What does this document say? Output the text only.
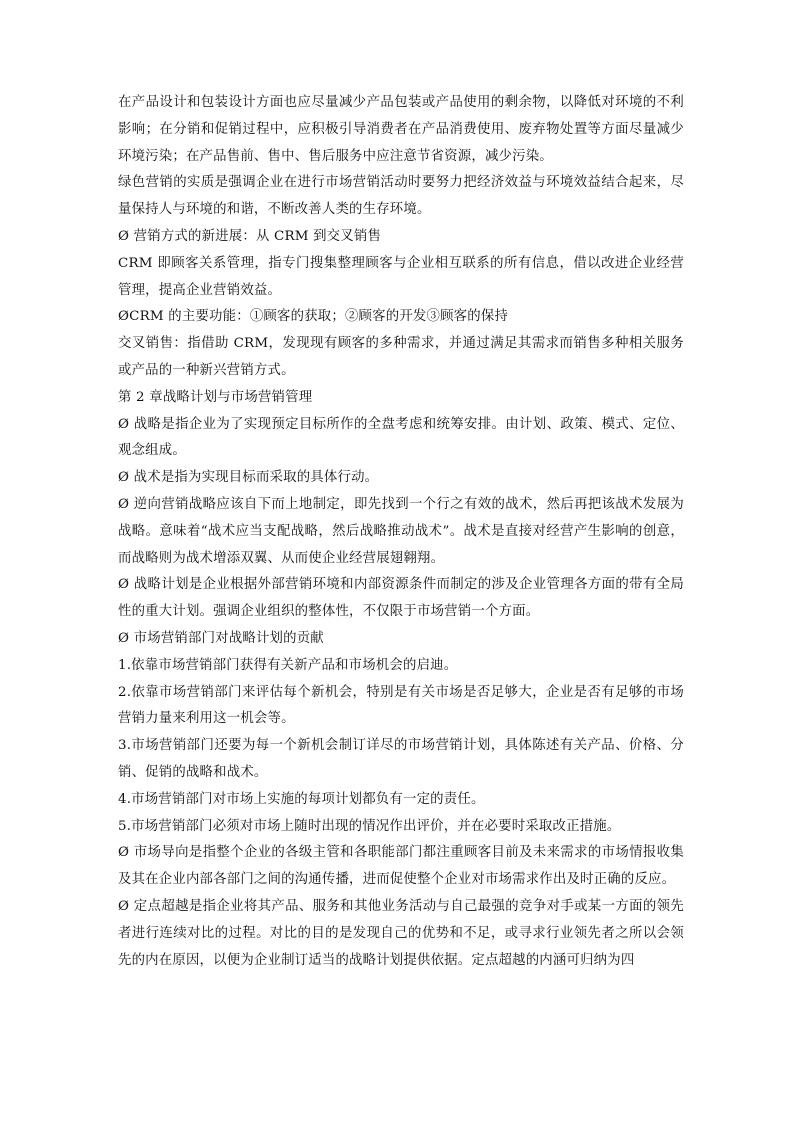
在产品设计和包装设计方面也应尽量减少产品包装或产品使用的剩余物，以降低对环境的不利影响；在分销和促销过程中，应积极引导消费者在产品消费使用、废弃物处置等方面尽量减少环境污染；在产品售前、售中、售后服务中应注意节省资源，减少污染。

绿色营销的实质是强调企业在进行市场营销活动时要努力把经济效益与环境效益结合起来，尽量保持人与环境的和谐，不断改善人类的生存环境。

Ø 营销方式的新进展：从 CRM 到交叉销售

CRM 即顾客关系管理，指专门搜集整理顾客与企业相互联系的所有信息，借以改进企业经营管理，提高企业营销效益。

ØCRM 的主要功能：①顾客的获取；②顾客的开发③顾客的保持

交叉销售：指借助 CRM，发现现有顾客的多种需求，并通过满足其需求而销售多种相关服务或产品的一种新兴营销方式。

第 2 章战略计划与市场营销管理

Ø 战略是指企业为了实现预定目标所作的全盘考虑和统筹安排。由计划、政策、模式、定位、观念组成。

Ø 战术是指为实现目标而采取的具体行动。

Ø 逆向营销战略应该自下而上地制定，即先找到一个行之有效的战术，然后再把该战术发展为战略。意味着“战术应当支配战略，然后战略推动战术”。战术是直接对经营产生影响的创意，而战略则为战术增添双翼、从而使企业经营展翅翱翔。

Ø 战略计划是企业根据外部营销环境和内部资源条件而制定的涉及企业管理各方面的带有全局性的重大计划。强调企业组织的整体性，不仅限于市场营销一个方面。

Ø 市场营销部门对战略计划的贡献

1.依靠市场营销部门获得有关新产品和市场机会的启迪。

2.依靠市场营销部门来评估每个新机会，特别是有关市场是否足够大，企业是否有足够的市场营销力量来利用这一机会等。

3.市场营销部门还要为每一个新机会制订详尽的市场营销计划，具体陈述有关产品、价格、分销、促销的战略和战术。

4.市场营销部门对市场上实施的每项计划都负有一定的责任。

5.市场营销部门必须对市场上随时出现的情况作出评价，并在必要时采取改正措施。

Ø 市场导向是指整个企业的各级主管和各职能部门都注重顾客目前及未来需求的市场情报收集及其在企业内部各部门之间的沟通传播，进而促使整个企业对市场需求作出及时正确的反应。

Ø 定点超越是指企业将其产品、服务和其他业务活动与自己最强的竞争对手或某一方面的领先者进行连续对比的过程。对比的目的是发现自己的优势和不足，或寻求行业领先者之所以会领先的内在原因，以便为企业制订适当的战略计划提供依据。定点超越的内涵可归纳为四
